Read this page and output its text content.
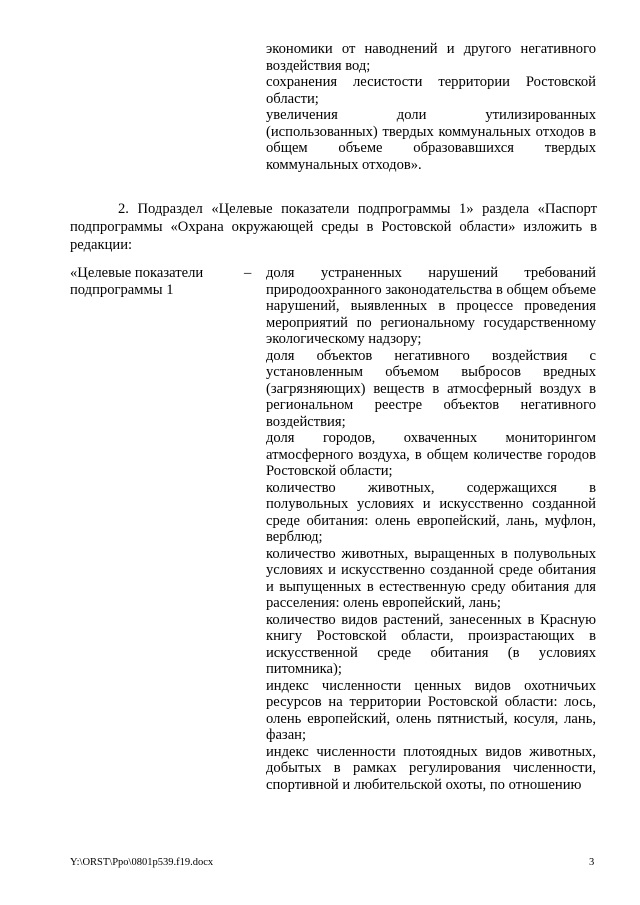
экономики от наводнений и другого негативного воздействия вод;

сохранения лесистости территории Ростовской области;

увеличения доли утилизированных (использованных) твердых коммунальных отходов в общем объеме образовавшихся твердых коммунальных отходов».

2. Подраздел «Целевые показатели подпрограммы 1» раздела «Паспорт подпрограммы «Охрана окружающей среды в Ростовской области» изложить в редакции:

«Целевые показатели подпрограммы 1

– доля устраненных нарушений требований природоохранного законодательства в общем объеме нарушений, выявленных в процессе проведения мероприятий по региональному государственному экологическому надзору;

доля объектов негативного воздействия с установленным объемом выбросов вредных (загрязняющих) веществ в атмосферный воздух в региональном реестре объектов негативного воздействия;

доля городов, охваченных мониторингом атмосферного воздуха, в общем количестве городов Ростовской области;

количество животных, содержащихся в полувольных условиях и искусственно созданной среде обитания: олень европейский, лань, муфлон, верблюд;

количество животных, выращенных в полувольных условиях и искусственно созданной среде обитания и выпущенных в естественную среду обитания для расселения: олень европейский, лань;

количество видов растений, занесенных в Красную книгу Ростовской области, произрастающих в искусственной среде обитания (в условиях питомника);

индекс численности ценных видов охотничьих ресурсов на территории Ростовской области: лось, олень европейский, олень пятнистый, косуля, лань, фазан;

индекс численности плотоядных видов животных, добытых в рамках регулирования численности, спортивной и любительской охоты, по отношению

Y:\ORST\Ppo\0801p539.f19.docx	3
